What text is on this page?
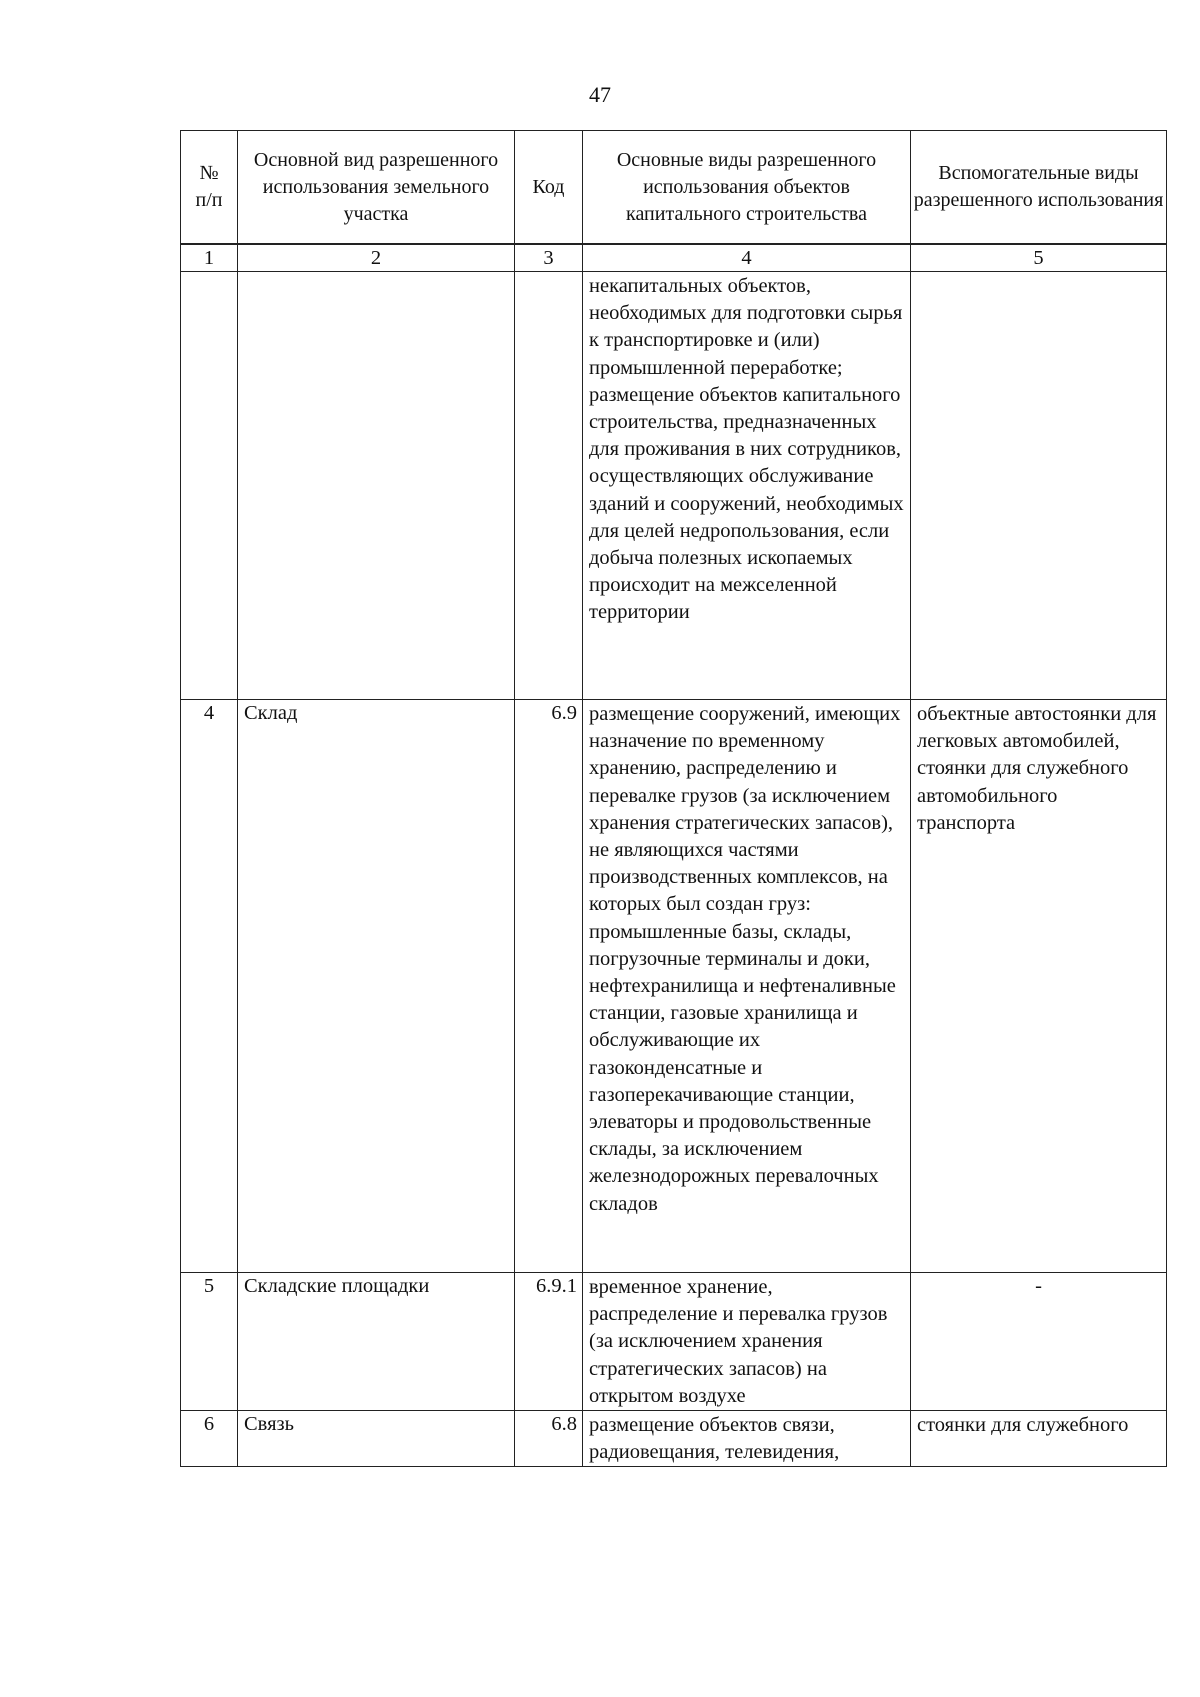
47
№
п/п	Основной вид разрешенного использования земельного участка	Код	Основные виды разрешенного использования объектов капитального строительства	Вспомогательные виды разрешенного использования
1	2	3	4	5

			некапитальных объектов, необходимых для подготовки сырья к транспортировке и (или) промышленной переработке; размещение объектов капитального строительства, предназначенных для проживания в них сотрудников, осуществляющих обслуживание зданий и сооружений, необходимых для целей недропользования, если добыча полезных ископаемых происходит на межселенной территории	

4	Склад	6.9	размещение сооружений, имеющих назначение по временному хранению, распределению и перевалке грузов (за исключением хранения стратегических запасов), не являющихся частями производственных комплексов, на которых был создан груз: промышленные базы, склады, погрузочные терминалы и доки, нефтехранилища и нефтеналивные станции, газовые хранилища и обслуживающие их газоконденсатные и газоперекачивающие станции, элеваторы и продовольственные склады, за исключением железнодорожных перевалочных складов	объектные автостоянки для легковых автомобилей, стоянки для служебного автомобильного транспорта

5	Складские площадки	6.9.1	временное хранение, распределение и перевалка грузов (за исключением хранения стратегических запасов) на открытом воздухе	-
6	Связь	6.8	размещение объектов связи, радиовещания, телевидения,	стоянки для служебного
